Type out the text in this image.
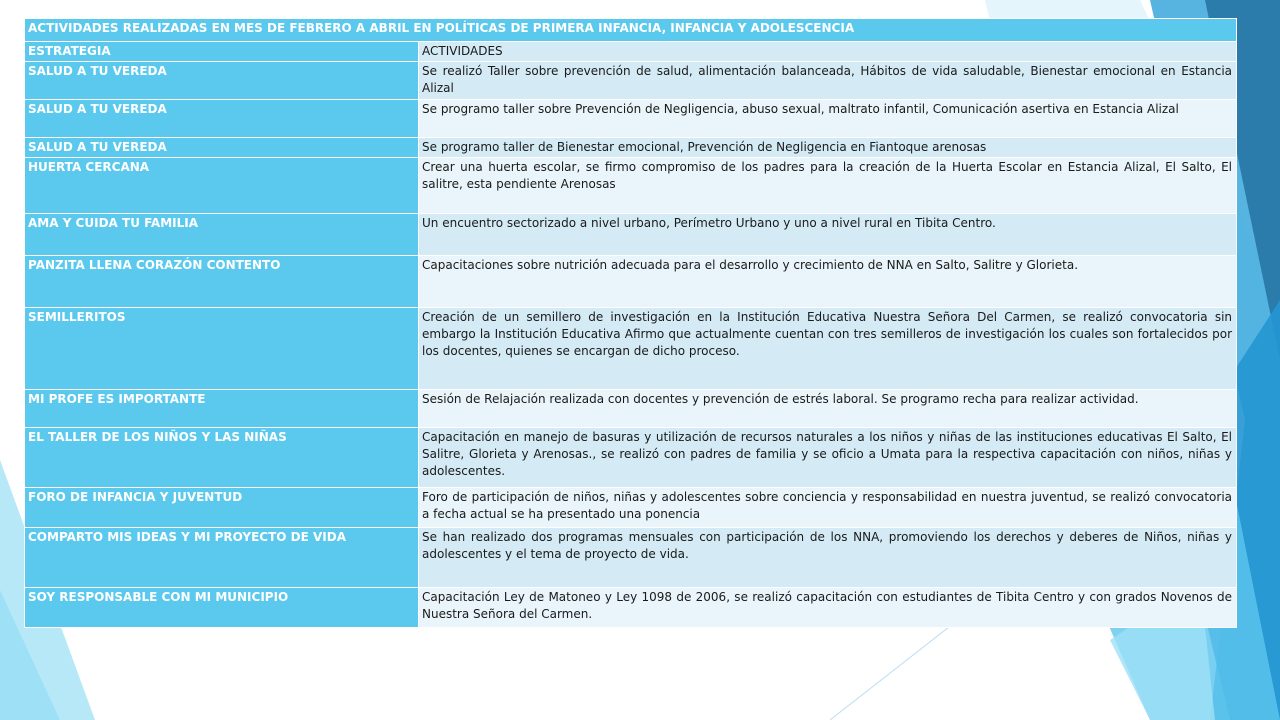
ACTIVIDADES REALIZADAS EN MES DE FEBRERO A ABRIL EN POLÍTICAS DE PRIMERA INFANCIA, INFANCIA Y ADOLESCENCIA	
ESTRATEGIA	ACTIVIDADES
SALUD A TU VEREDA	Se realizó Taller sobre prevención de salud, alimentación balanceada, Hábitos de vida saludable, Bienestar emocional en Estancia Alizal
SALUD A TU VEREDA	Se programo taller sobre Prevención de Negligencia, abuso sexual, maltrato infantil, Comunicación asertiva en Estancia Alizal
SALUD A TU VEREDA	Se programo taller de Bienestar emocional, Prevención de Negligencia en Fiantoque arenosas
HUERTA CERCANA	Crear una huerta escolar, se firmo compromiso de los padres para la creación de la Huerta Escolar en Estancia Alizal, El Salto, El salitre, esta pendiente Arenosas
AMA Y CUIDA TU FAMILIA	Un encuentro sectorizado a nivel urbano, Perímetro Urbano y uno a nivel rural en Tibita Centro.
PANZITA LLENA CORAZÓN CONTENTO	Capacitaciones sobre nutrición adecuada para el desarrollo y crecimiento de NNA en Salto, Salitre y Glorieta.
SEMILLERITOS	Creación de un semillero de investigación en la Institución Educativa Nuestra Señora Del Carmen, se realizó convocatoria sin embargo la Institución Educativa Afirmo que actualmente cuentan con tres semilleros de investigación los cuales son fortalecidos por los docentes, quienes se encargan de dicho proceso.
MI PROFE ES IMPORTANTE	Sesión de Relajación realizada con docentes y prevención de estrés laboral. Se programo recha para realizar actividad.
EL TALLER DE LOS NIÑOS Y LAS NIÑAS	Capacitación en manejo de basuras y utilización de recursos naturales a los niños y niñas de las instituciones educativas El Salto, El Salitre, Glorieta y Arenosas., se realizó con padres de familia y se oficio a Umata para la respectiva capacitación con niños, niñas y adolescentes.
FORO DE INFANCIA Y JUVENTUD	Foro de participación de niños, niñas y adolescentes sobre conciencia y responsabilidad en nuestra juventud, se realizó convocatoria a fecha actual se ha presentado una ponencia
COMPARTO MIS IDEAS Y MI PROYECTO DE VIDA	Se han realizado dos programas mensuales con participación de los NNA, promoviendo los derechos y deberes de Niños, niñas y adolescentes y el tema de proyecto de vida.
SOY RESPONSABLE CON MI MUNICIPIO	Capacitación Ley de Matoneo y Ley 1098 de 2006, se realizó capacitación con estudiantes de Tibita Centro y con grados Novenos de Nuestra Señora del Carmen.
